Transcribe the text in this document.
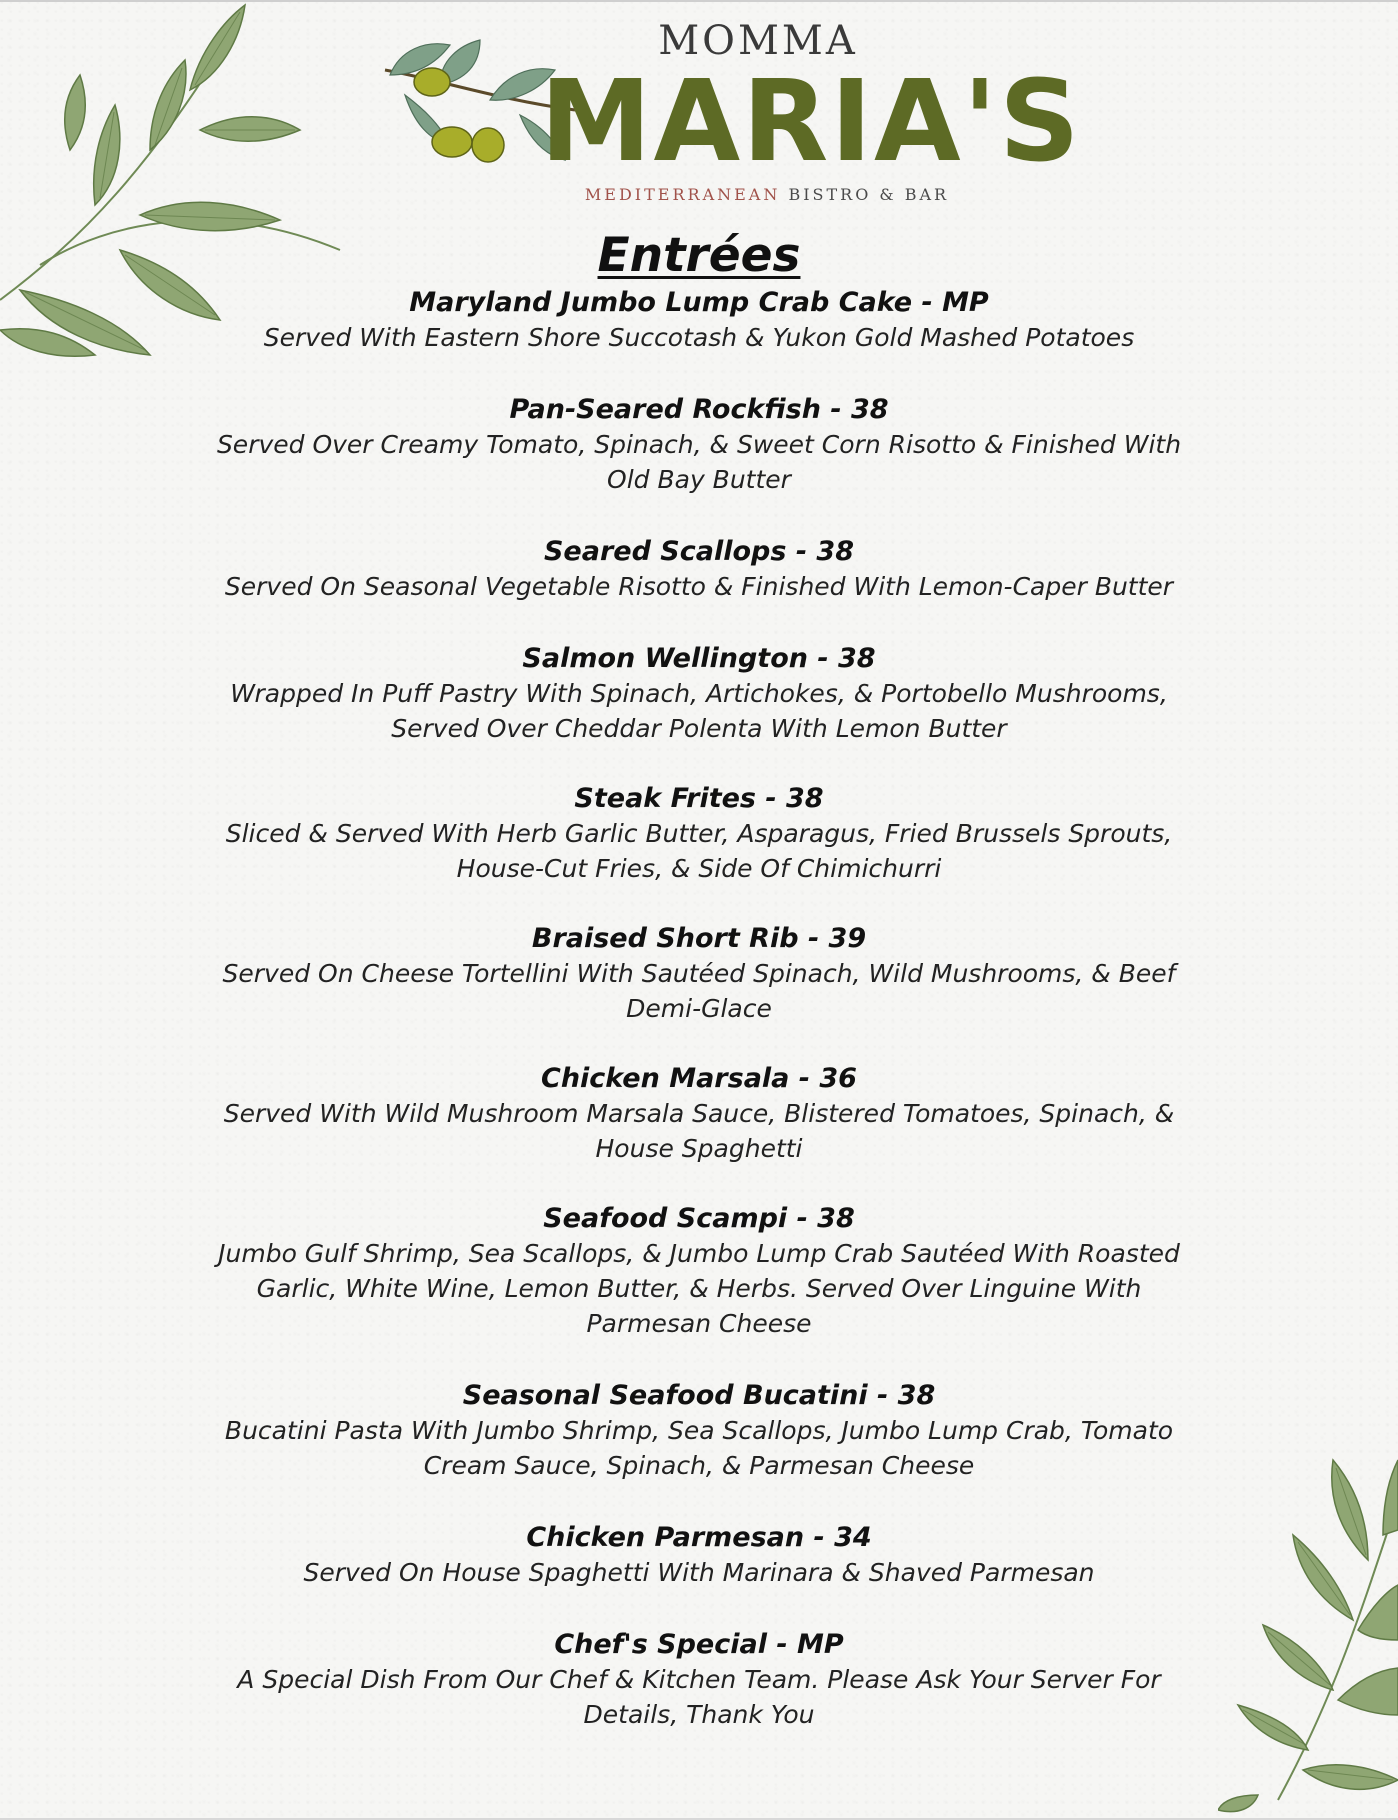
MOMMA
MARIA'S
MEDITERRANEAN BISTRO & BAR
Entrées
Maryland Jumbo Lump Crab Cake - MP
Served With Eastern Shore Succotash & Yukon Gold Mashed Potatoes
Pan-Seared Rockfish - 38
Served Over Creamy Tomato, Spinach, & Sweet Corn Risotto & Finished With Old Bay Butter
Seared Scallops - 38
Served On Seasonal Vegetable Risotto & Finished With Lemon-Caper Butter
Salmon Wellington - 38
Wrapped In Puff Pastry With Spinach, Artichokes, & Portobello Mushrooms, Served Over Cheddar Polenta With Lemon Butter
Steak Frites - 38
Sliced & Served With Herb Garlic Butter, Asparagus, Fried Brussels Sprouts, House-Cut Fries, & Side Of Chimichurri
Braised Short Rib - 39
Served On Cheese Tortellini With Sautéed Spinach, Wild Mushrooms, & Beef Demi-Glace
Chicken Marsala - 36
Served With Wild Mushroom Marsala Sauce, Blistered Tomatoes, Spinach, & House Spaghetti
Seafood Scampi - 38
Jumbo Gulf Shrimp, Sea Scallops, & Jumbo Lump Crab Sautéed With Roasted Garlic, White Wine, Lemon Butter, & Herbs. Served Over Linguine With Parmesan Cheese
Seasonal Seafood Bucatini - 38
Bucatini Pasta With Jumbo Shrimp, Sea Scallops, Jumbo Lump Crab, Tomato Cream Sauce, Spinach, & Parmesan Cheese
Chicken Parmesan - 34
Served On House Spaghetti With Marinara & Shaved Parmesan
Chef's Special - MP
A Special Dish From Our Chef & Kitchen Team. Please Ask Your Server For Details, Thank You
